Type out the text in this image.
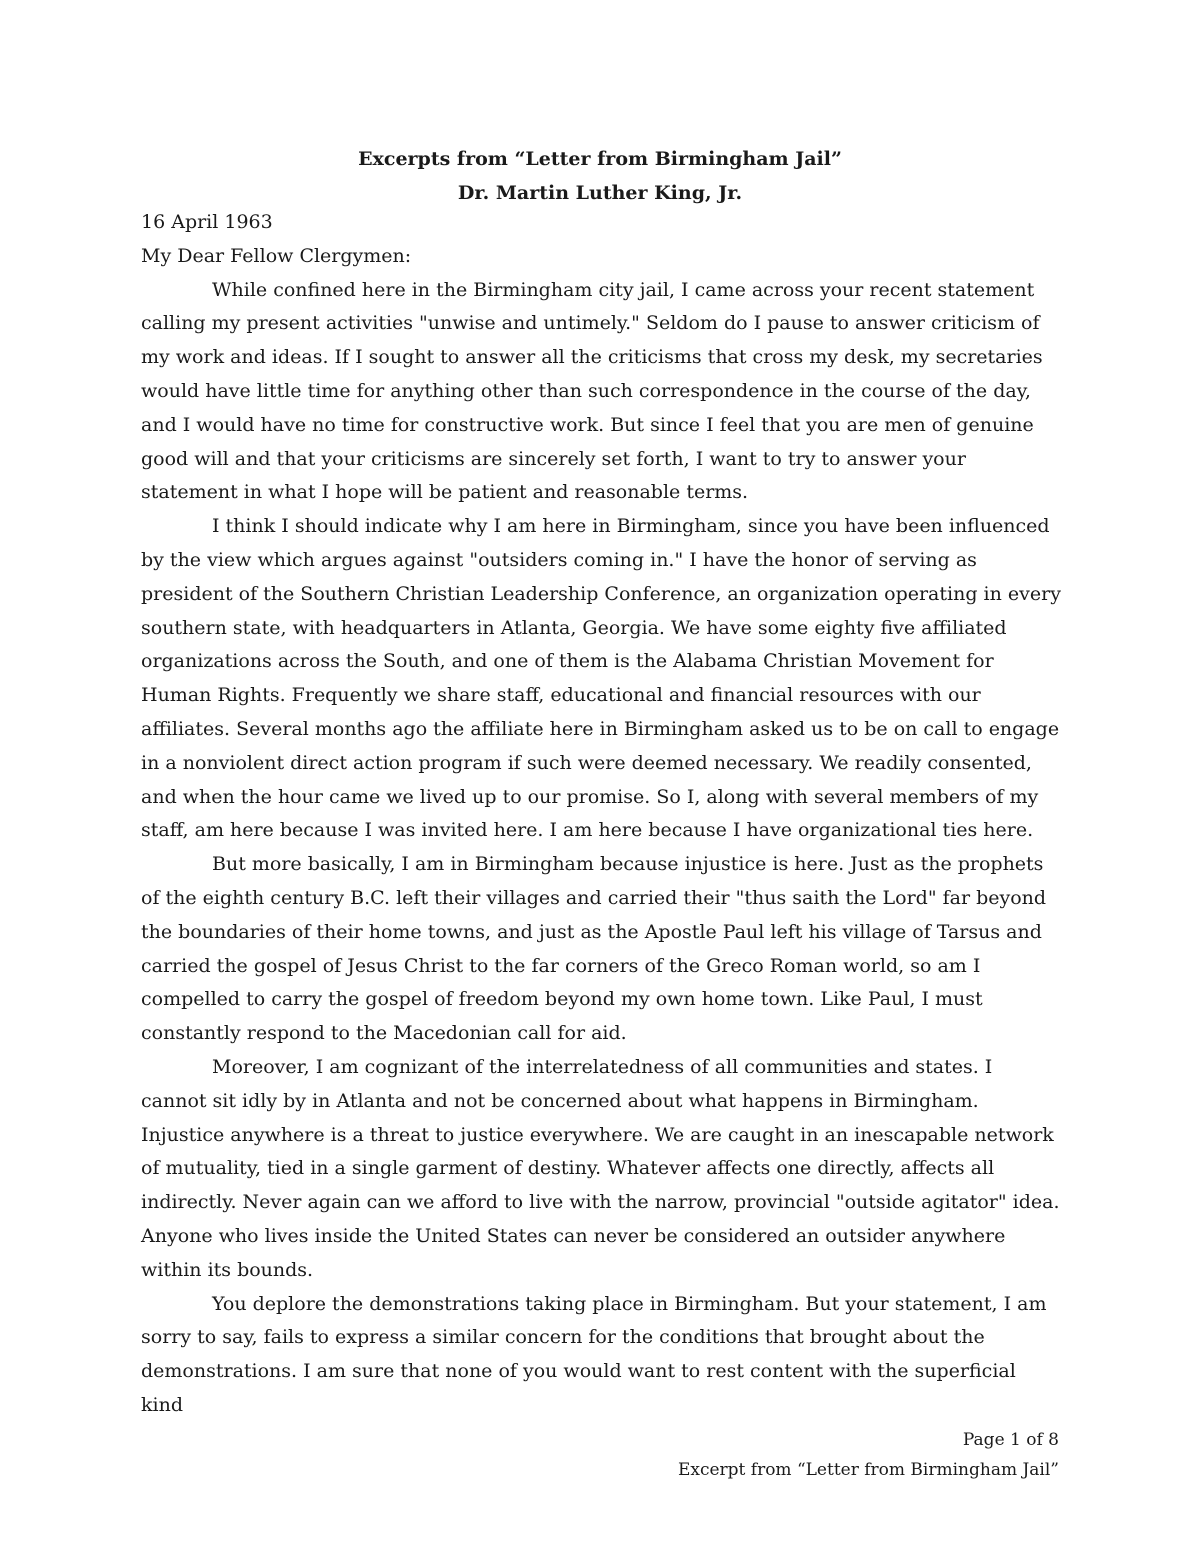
Excerpts from “Letter from Birmingham Jail”
Dr. Martin Luther King, Jr.

16 April 1963

My Dear Fellow Clergymen:

While confined here in the Birmingham city jail, I came across your recent statement calling my present activities "unwise and untimely." Seldom do I pause to answer criticism of my work and ideas. If I sought to answer all the criticisms that cross my desk, my secretaries would have little time for anything other than such correspondence in the course of the day, and I would have no time for constructive work. But since I feel that you are men of genuine good will and that your criticisms are sincerely set forth, I want to try to answer your statement in what I hope will be patient and reasonable terms.

I think I should indicate why I am here in Birmingham, since you have been influenced by the view which argues against "outsiders coming in." I have the honor of serving as president of the Southern Christian Leadership Conference, an organization operating in every southern state, with headquarters in Atlanta, Georgia. We have some eighty five affiliated organizations across the South, and one of them is the Alabama Christian Movement for Human Rights. Frequently we share staff, educational and financial resources with our affiliates. Several months ago the affiliate here in Birmingham asked us to be on call to engage in a nonviolent direct action program if such were deemed necessary. We readily consented, and when the hour came we lived up to our promise. So I, along with several members of my staff, am here because I was invited here. I am here because I have organizational ties here.

But more basically, I am in Birmingham because injustice is here. Just as the prophets of the eighth century B.C. left their villages and carried their "thus saith the Lord" far beyond the boundaries of their home towns, and just as the Apostle Paul left his village of Tarsus and carried the gospel of Jesus Christ to the far corners of the Greco Roman world, so am I compelled to carry the gospel of freedom beyond my own home town. Like Paul, I must constantly respond to the Macedonian call for aid.

Moreover, I am cognizant of the interrelatedness of all communities and states. I cannot sit idly by in Atlanta and not be concerned about what happens in Birmingham. Injustice anywhere is a threat to justice everywhere. We are caught in an inescapable network of mutuality, tied in a single garment of destiny. Whatever affects one directly, affects all indirectly. Never again can we afford to live with the narrow, provincial "outside agitator" idea. Anyone who lives inside the United States can never be considered an outsider anywhere within its bounds.

You deplore the demonstrations taking place in Birmingham. But your statement, I am sorry to say, fails to express a similar concern for the conditions that brought about the demonstrations. I am sure that none of you would want to rest content with the superficial kind

Page 1 of 8
Excerpt from “Letter from Birmingham Jail”
